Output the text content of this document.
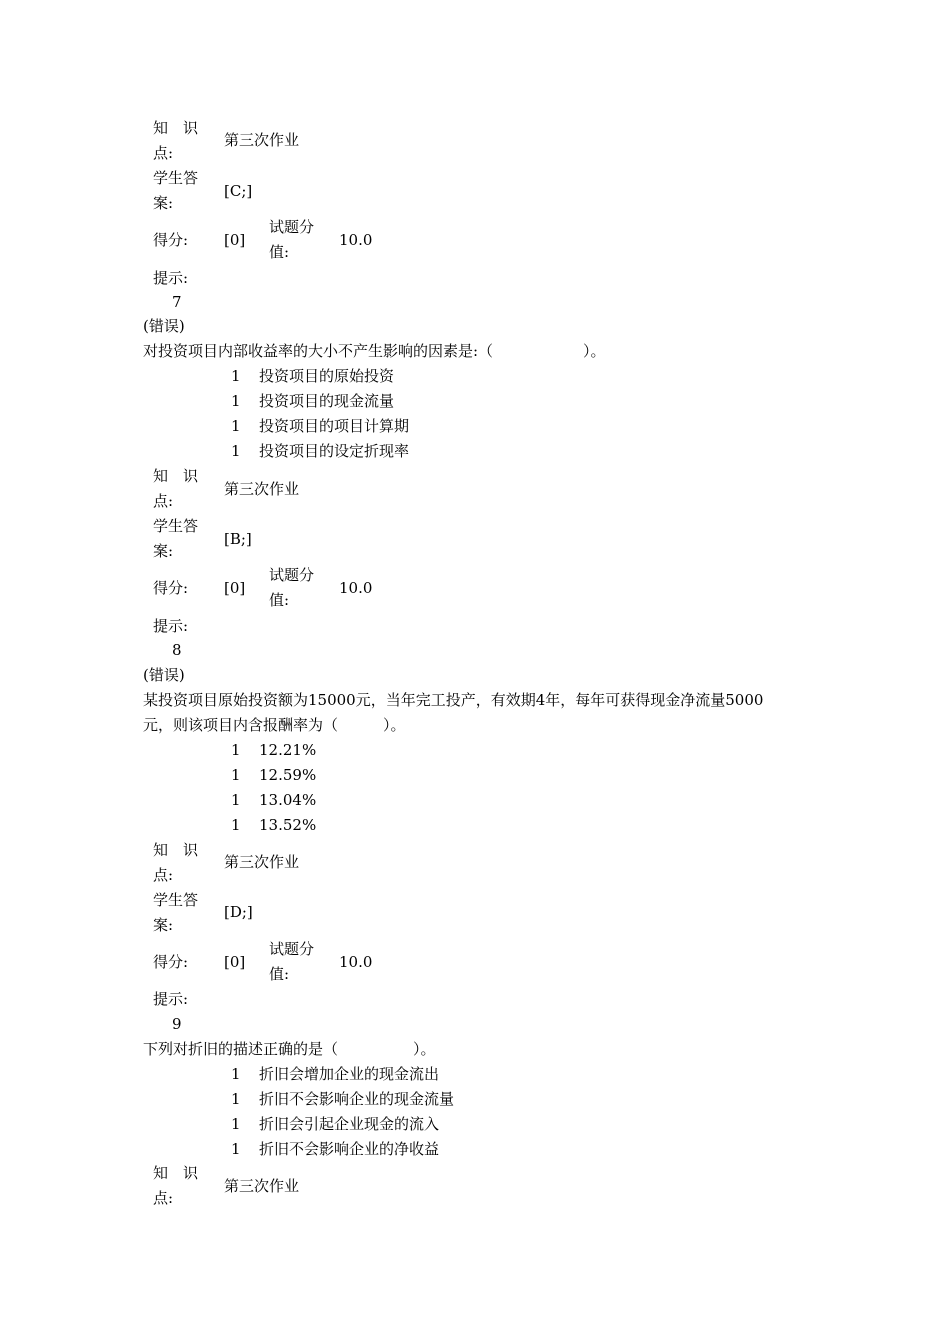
知　识
点:
第三次作业
学生答
案:
[C;]
得分: [0]
试题分
值:
10.0
提示:
7
(错误)
对投资项目内部收益率的大小不产生影响的因素是:（　　　　　　）。
1 投资项目的原始投资
1 投资项目的现金流量
1 投资项目的项目计算期
1 投资项目的设定折现率
知　识
点:
第三次作业
学生答
案:
[B;]
得分: [0]
试题分
值:
10.0
提示:
8
(错误)
某投资项目原始投资额为15000元，当年完工投产，有效期4年，每年可获得现金净流量5000
元，则该项目内含报酬率为（　　　）。
1 12.21%
1 12.59%
1 13.04%
1 13.52%
知　识
点:
第三次作业
学生答
案:
[D;]
得分: [0]
试题分
值:
10.0
提示:
9
下列对折旧的描述正确的是（　　　　　）。
1 折旧会增加企业的现金流出
1 折旧不会影响企业的现金流量
1 折旧会引起企业现金的流入
1 折旧不会影响企业的净收益
知　识
点:
第三次作业
